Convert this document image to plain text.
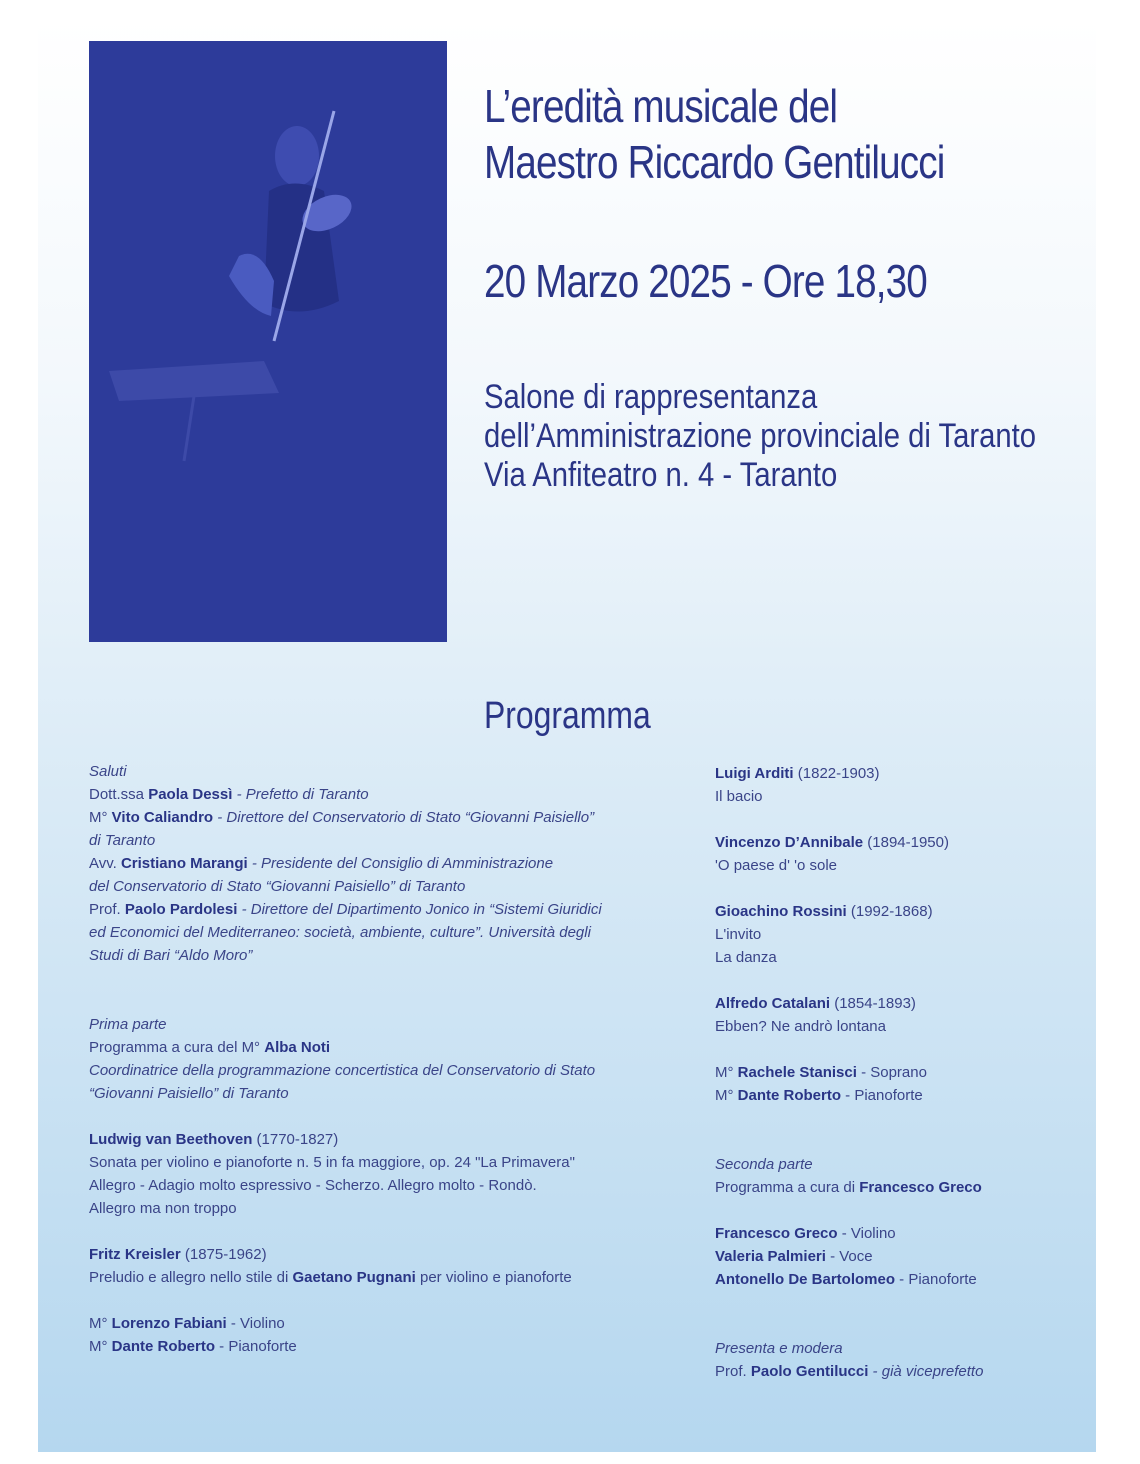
L’eredità musicale del
Maestro Riccardo Gentilucci
20 Marzo 2025 - Ore 18,30
Salone di rappresentanza
dell’Amministrazione provinciale di Taranto
Via Anfiteatro n. 4 - Taranto
Programma
Saluti
Dott.ssa Paola Dessì - Prefetto di Taranto
M° Vito Caliandro - Direttore del Conservatorio di Stato “Giovanni Paisiello”
di Taranto
Avv. Cristiano Marangi - Presidente del Consiglio di Amministrazione
del Conservatorio di Stato “Giovanni Paisiello” di Taranto
Prof. Paolo Pardolesi - Direttore del Dipartimento Jonico in “Sistemi Giuridici
ed Economici del Mediterraneo: società, ambiente, culture”. Università degli
Studi di Bari “Aldo Moro”
Prima parte
Programma a cura del M° Alba Noti
Coordinatrice della programmazione concertistica del Conservatorio di Stato
“Giovanni Paisiello” di Taranto
Ludwig van Beethoven (1770-1827)
Sonata per violino e pianoforte n. 5 in fa maggiore, op. 24 "La Primavera"
Allegro - Adagio molto espressivo - Scherzo. Allegro molto - Rondò.
Allegro ma non troppo
Fritz Kreisler (1875-1962)
Preludio e allegro nello stile di Gaetano Pugnani per violino e pianoforte
M° Lorenzo Fabiani - Violino
M° Dante Roberto - Pianoforte
Luigi Arditi (1822-1903)
Il bacio
Vincenzo D’Annibale (1894-1950)
'O paese d' 'o sole
Gioachino Rossini (1992-1868)
L'invito
La danza
Alfredo Catalani (1854-1893)
Ebben? Ne andrò lontana
M° Rachele Stanisci - Soprano
M° Dante Roberto - Pianoforte
Seconda parte
Programma a cura di Francesco Greco
Francesco Greco - Violino
Valeria Palmieri - Voce
Antonello De Bartolomeo - Pianoforte
Presenta e modera
Prof. Paolo Gentilucci - già viceprefetto
